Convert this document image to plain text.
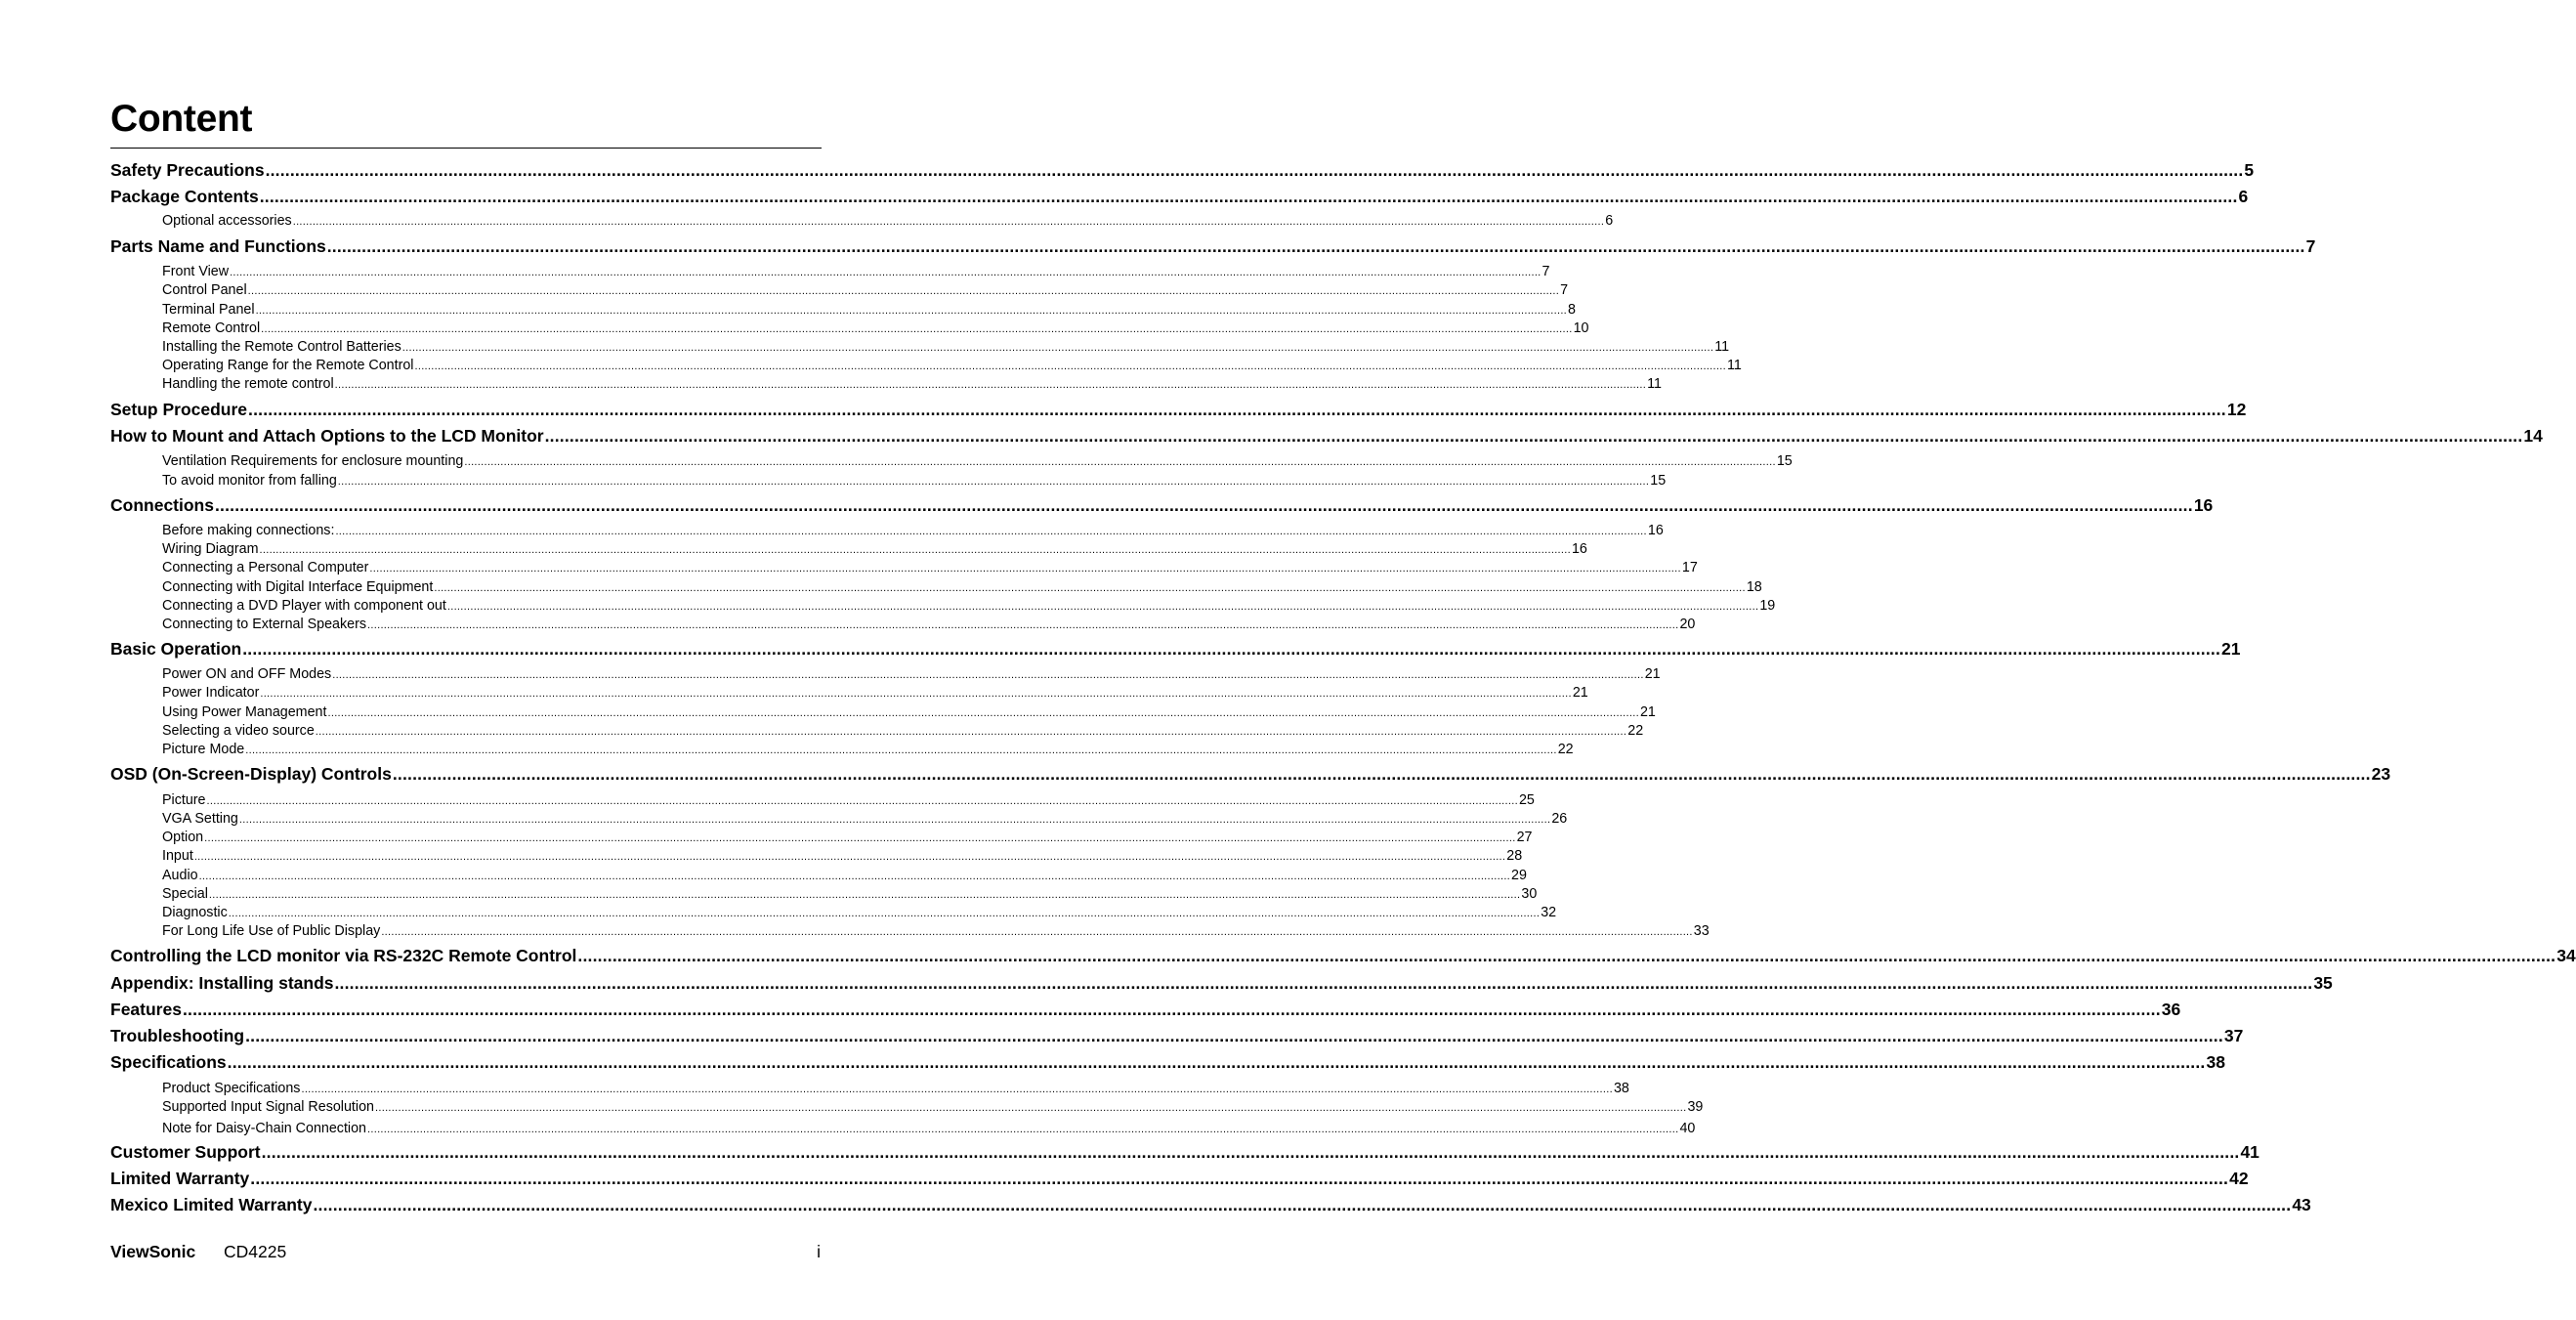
Content
Safety Precautions ................................................................................................................................................................................................................................................................................................................................................................................................................ 5
Package Contents ................................................................................................................................................................................................................................................................................................................................................................................................................ 6
Optional accessories ................................................................................................................................................................................................................................................................................................................................................................................................................ 6
Parts Name and Functions ................................................................................................................................................................................................................................................................................................................................................................................................................ 7
Front View ................................................................................................................................................................................................................................................................................................................................................................................................................ 7
Control Panel ................................................................................................................................................................................................................................................................................................................................................................................................................ 7
Terminal Panel ................................................................................................................................................................................................................................................................................................................................................................................................................ 8
Remote Control ................................................................................................................................................................................................................................................................................................................................................................................................................ 10
Installing the Remote Control Batteries ................................................................................................................................................................................................................................................................................................................................................................................................................ 11
Operating Range for the Remote Control ................................................................................................................................................................................................................................................................................................................................................................................................................ 11
Handling the remote control ................................................................................................................................................................................................................................................................................................................................................................................................................ 11
Setup Procedure ................................................................................................................................................................................................................................................................................................................................................................................................................ 12
How to Mount and Attach Options to the LCD Monitor ................................................................................................................................................................................................................................................................................................................................................................................................................ 14
Ventilation Requirements for enclosure mounting ................................................................................................................................................................................................................................................................................................................................................................................................................ 15
To avoid monitor from falling ................................................................................................................................................................................................................................................................................................................................................................................................................ 15
Connections ................................................................................................................................................................................................................................................................................................................................................................................................................ 16
Before making connections: ................................................................................................................................................................................................................................................................................................................................................................................................................ 16
Wiring Diagram ................................................................................................................................................................................................................................................................................................................................................................................................................ 16
Connecting a Personal Computer ................................................................................................................................................................................................................................................................................................................................................................................................................ 17
Connecting with Digital Interface Equipment ................................................................................................................................................................................................................................................................................................................................................................................................................ 18
Connecting a DVD Player with component out ................................................................................................................................................................................................................................................................................................................................................................................................................ 19
Connecting to External Speakers ................................................................................................................................................................................................................................................................................................................................................................................................................ 20
Basic Operation ................................................................................................................................................................................................................................................................................................................................................................................................................ 21
Power ON and OFF Modes ................................................................................................................................................................................................................................................................................................................................................................................................................ 21
Power Indicator ................................................................................................................................................................................................................................................................................................................................................................................................................ 21
Using Power Management ................................................................................................................................................................................................................................................................................................................................................................................................................ 21
Selecting a video source ................................................................................................................................................................................................................................................................................................................................................................................................................ 22
Picture Mode ................................................................................................................................................................................................................................................................................................................................................................................................................ 22
OSD (On-Screen-Display) Controls ................................................................................................................................................................................................................................................................................................................................................................................................................ 23
Picture ................................................................................................................................................................................................................................................................................................................................................................................................................ 25
VGA Setting ................................................................................................................................................................................................................................................................................................................................................................................................................ 26
Option ................................................................................................................................................................................................................................................................................................................................................................................................................ 27
Input ................................................................................................................................................................................................................................................................................................................................................................................................................ 28
Audio ................................................................................................................................................................................................................................................................................................................................................................................................................ 29
Special ................................................................................................................................................................................................................................................................................................................................................................................................................ 30
Diagnostic ................................................................................................................................................................................................................................................................................................................................................................................................................ 32
For Long Life Use of Public Display ................................................................................................................................................................................................................................................................................................................................................................................................................ 33
Controlling the LCD monitor via RS-232C Remote Control ................................................................................................................................................................................................................................................................................................................................................................................................................ 34
Appendix: Installing stands ................................................................................................................................................................................................................................................................................................................................................................................................................ 35
Features ................................................................................................................................................................................................................................................................................................................................................................................................................ 36
Troubleshooting ................................................................................................................................................................................................................................................................................................................................................................................................................ 37
Specifications ................................................................................................................................................................................................................................................................................................................................................................................................................ 38
Product Specifications ................................................................................................................................................................................................................................................................................................................................................................................................................ 38
Supported Input Signal Resolution ................................................................................................................................................................................................................................................................................................................................................................................................................ 39
Note for Daisy-Chain Connection ................................................................................................................................................................................................................................................................................................................................................................................................................ 40
Customer Support ................................................................................................................................................................................................................................................................................................................................................................................................................ 41
Limited Warranty ................................................................................................................................................................................................................................................................................................................................................................................................................ 42
Mexico Limited Warranty ................................................................................................................................................................................................................................................................................................................................................................................................................ 43
ViewSonic CD4225	i
